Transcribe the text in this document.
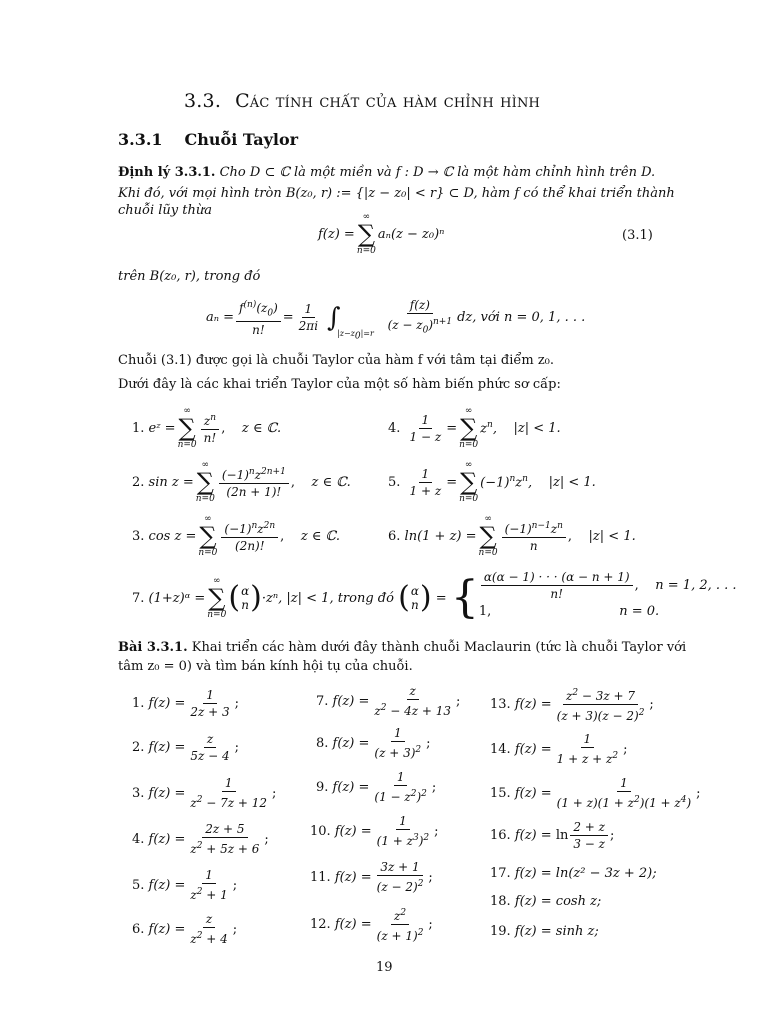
3.3. Các tính chất của hàm chỉnh hình
3.3.1 Chuỗi Taylor
Định lý 3.3.1. Cho D ⊂ ℂ là một miền và f : D → ℂ là một hàm chỉnh hình trên D.
Khi đó, với mọi hình tròn B(z₀, r) := {|z − z₀| < r} ⊂ D, hàm f có thể khai triển thành
chuỗi lũy thừa
f(z) =
∞
∑
n=0
aₙ(z − z₀)ⁿ	(3.1)
trên B(z₀, r), trong đó
$a_n = \frac{f^{(n)}(z_0)}{n!} = \frac{1}{2\pi i}$ ∫
$|z-z_0|=r \frac{f(z)}{(z - z_0)^{n+1}}$ dz, với n = 0, 1, . . .
Chuỗi (3.1) được gọi là chuỗi Taylor của hàm f với tâm tại điểm z₀.
Dưới đây là các khai triển Taylor của một số hàm biến phức sơ cấp:
1.
eᶻ =
∞
∑
$n=0 \frac{z^n}{n!}$ , z ∈ ℂ.	4.
$\frac{1}{1 - z}$ =
∞
∑
n=0
$z^n$,
|z| < 1.
2.
sin z =
∞
∑
$n=0 \frac{(-1)^nz^{2n+1}}{(2n + 1)!}$ , z ∈ ℂ.	5.
$\frac{1}{1 + z}$ =
∞
∑
n=0
$(-1)^nz^n$,
|z| < 1.
3.
cos z =
∞
∑
$n=0 \frac{(-1)^nz^{2n}}{(2n)!}$ , z ∈ ℂ.	6.
ln(1 + z) =
∞
∑
$n=0 \frac{(-1)^{n-1}z^n}{n}$ , |z| < 1.
7.
(1+z)ᵅ =
∞
∑
n=0 ( α
n ) ·zⁿ, |z| < 1, trong đó
( α
n ) = { $\frac{\alpha(\alpha - 1) \cdot \cdot \cdot (\alpha - n + 1)}{n!}$ , n = 1, 2, . . .
1,	n = 0.
Bài 3.3.1. Khai triển các hàm dưới đây thành chuỗi Maclaurin (tức là chuỗi Taylor với
tâm z₀ = 0) và tìm bán kính hội tụ của chuỗi.
1.
$f(z) = \frac{1}{2z + 3}$ ;
2.
$f(z) = \frac{z}{5z - 4}$ ;
3.
$f(z) = \frac{1}{z^2 - 7z + 12}$ ;
4.
$f(z) = \frac{2z + 5}{z^2 + 5z + 6}$ ;
5.
$f(z) = \frac{1}{z^2 + 1}$ ;
6.
$f(z) = \frac{z}{z^2 + 4}$ ;
7.
$f(z) = \frac{z}{z^2 - 4z + 13}$ ;
8.
$f(z) = \frac{1}{(z + 3)^2}$ ;
9.
$f(z) = \frac{1}{(1 - z^2)^2}$ ;
10.
$f(z) = \frac{1}{(1 + z^3)^2}$ ;
11.
$f(z) = \frac{3z + 1}{(z - 2)^2}$ ;
12.
$f(z) = \frac{z^2}{(z + 1)^2}$ ;
13.
$f(z) = \frac{z^2 - 3z + 7}{(z + 3)(z - 2)^2}$ ;
14.
$f(z) = \frac{1}{1 + z + z^2}$ ;
15.
$f(z) = \frac{1}{(1 + z)(1 + z^2)(1 + z^4)}$ ;
16.
f(z) =
$\ln \frac{2 + z}{3 - z}$ ;
17. f(z) = ln(z² − 3z + 2);
18. f(z) = cosh z;
19. f(z) = sinh z;
19
